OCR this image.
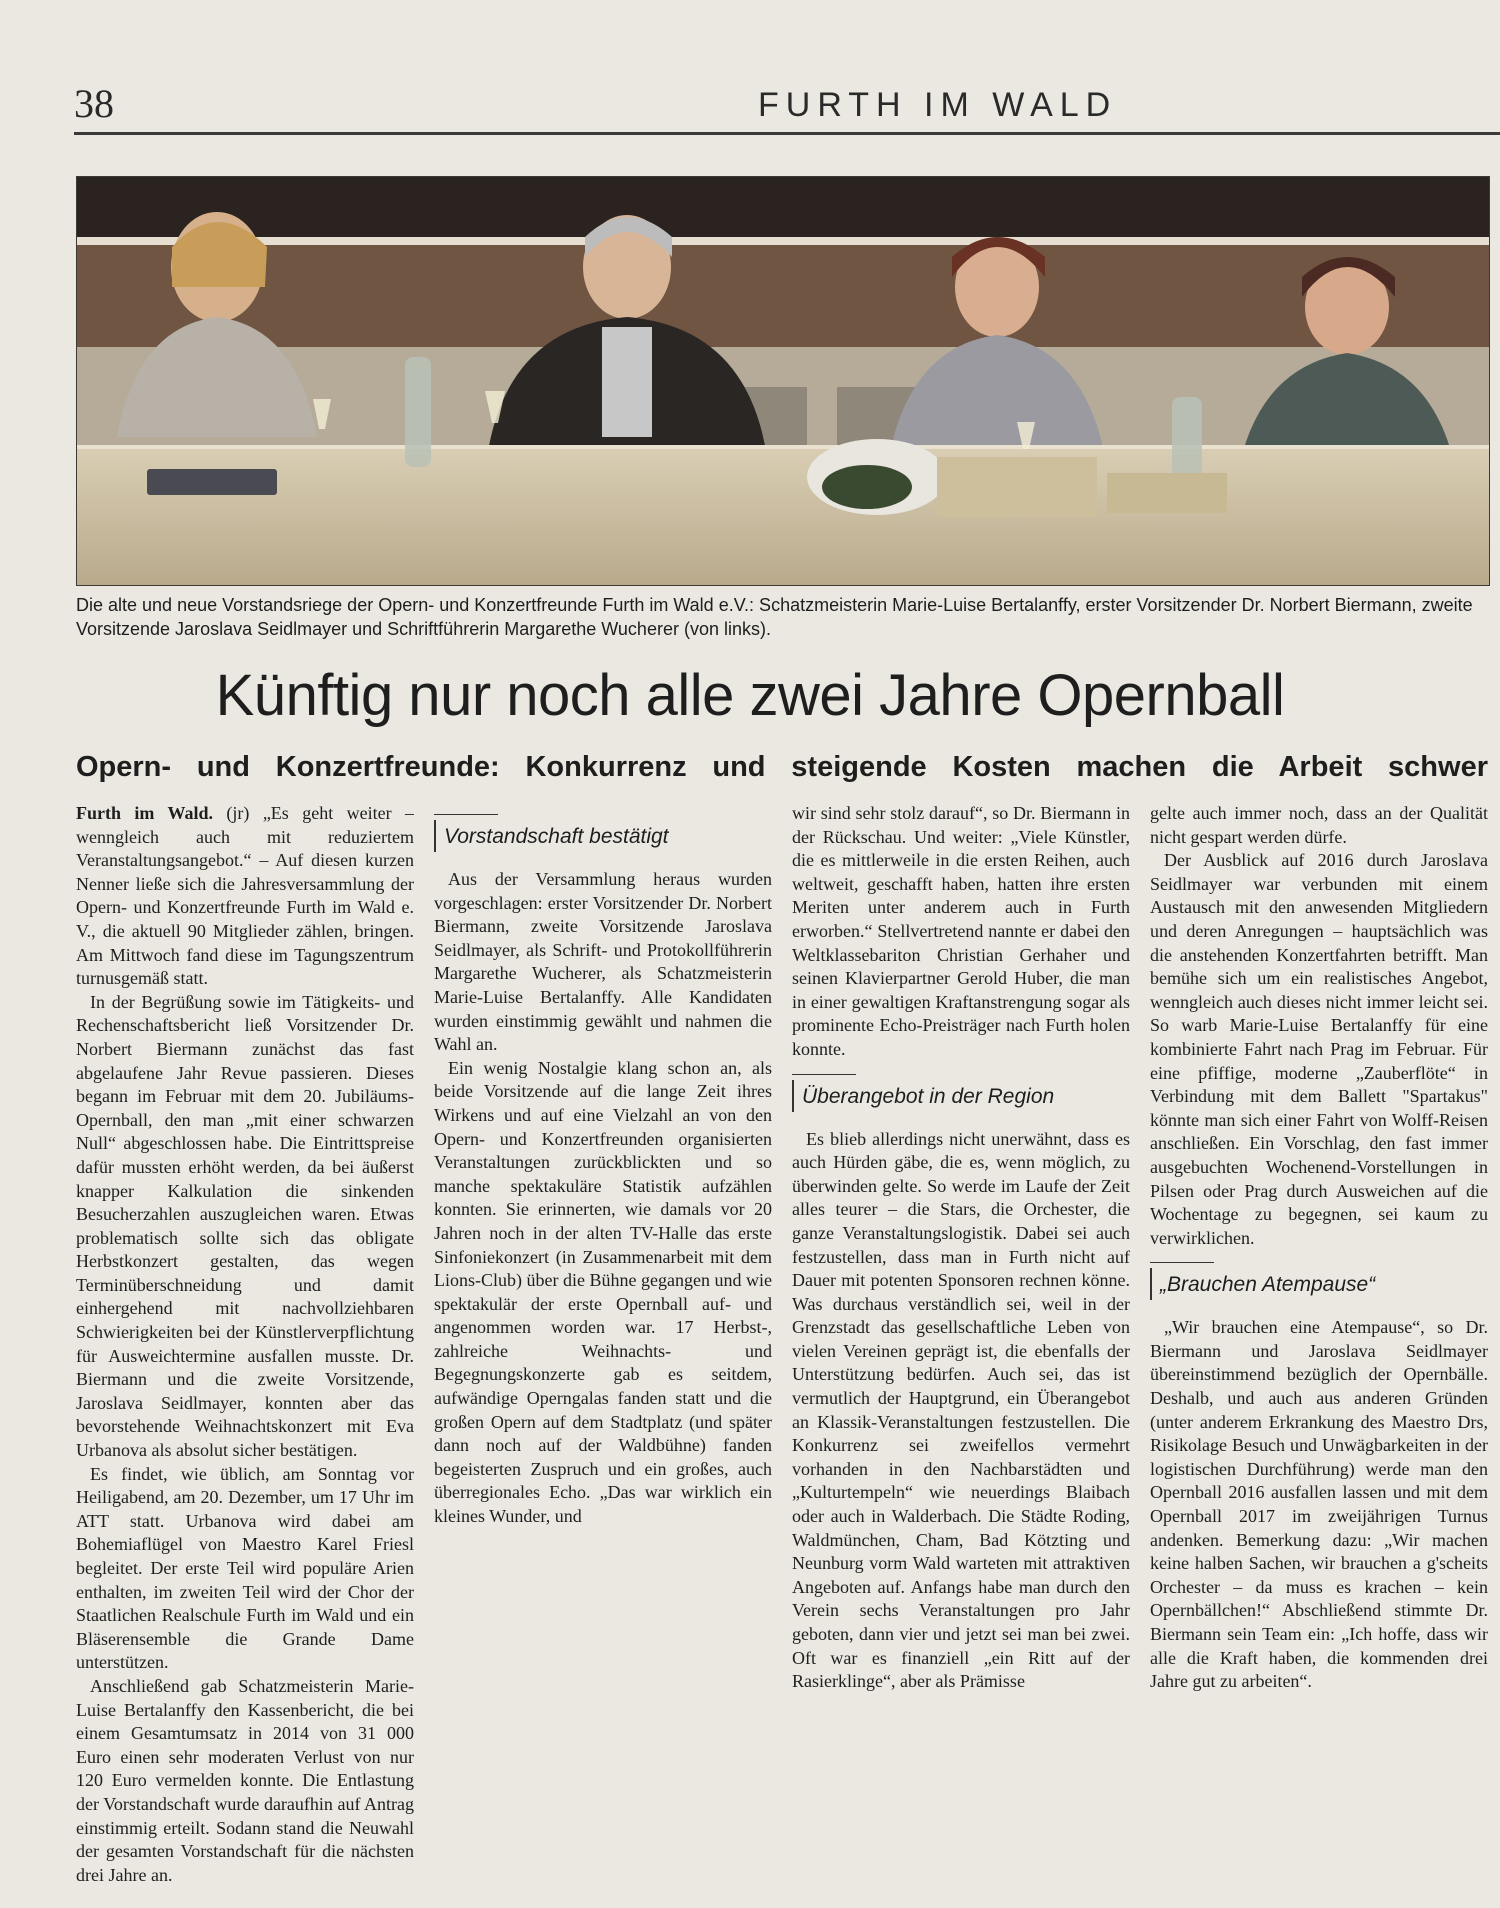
38	FURTH IM WALD

Die alte und neue Vorstandsriege der Opern- und Konzertfreunde Furth im Wald e.V.: Schatzmeisterin Marie-Luise Bertalanffy, erster Vorsitzender Dr. Norbert Biermann, zweite Vorsitzende Jaroslava Seidlmayer und Schriftführerin Margarethe Wucherer (von links).

Künftig nur noch alle zwei Jahre Opernball
Opern- und Konzertfreunde: Konkurrenz und steigende Kosten machen die Arbeit schwer

Furth im Wald. (jr) „Es geht weiter – wenngleich auch mit reduziertem Veranstaltungsangebot.“ – Auf diesen kurzen Nenner ließe sich die Jahresversammlung der Opern- und Konzertfreunde Furth im Wald e. V., die aktuell 90 Mitglieder zählen, bringen. Am Mittwoch fand diese im Tagungszentrum turnusgemäß statt.

In der Begrüßung sowie im Tätigkeits- und Rechenschaftsbericht ließ Vorsitzender Dr. Norbert Biermann zunächst das fast abgelaufene Jahr Revue passieren. Dieses begann im Februar mit dem 20. Jubiläums-Opernball, den man „mit einer schwarzen Null“ abgeschlossen habe. Die Eintrittspreise dafür mussten erhöht werden, da bei äußerst knapper Kalkulation die sinkenden Besucherzahlen auszugleichen waren. Etwas problematisch sollte sich das obligate Herbstkonzert gestalten, das wegen Terminüberschneidung und damit einhergehend mit nachvollziehbaren Schwierigkeiten bei der Künstlerverpflichtung für Ausweichtermine ausfallen musste. Dr. Biermann und die zweite Vorsitzende, Jaroslava Seidlmayer, konnten aber das bevorstehende Weihnachtskonzert mit Eva Urbanova als absolut sicher bestätigen.

Es findet, wie üblich, am Sonntag vor Heiligabend, am 20. Dezember, um 17 Uhr im ATT statt. Urbanova wird dabei am Bohemiaflügel von Maestro Karel Friesl begleitet. Der erste Teil wird populäre Arien enthalten, im zweiten Teil wird der Chor der Staatlichen Realschule Furth im Wald und ein Bläserensemble die Grande Dame unterstützen.

Anschließend gab Schatzmeisterin Marie-Luise Bertalanffy den Kassenbericht, die bei einem Gesamtumsatz in 2014 von 31 000 Euro einen sehr moderaten Verlust von nur 120 Euro vermelden konnte. Die Entlastung der Vorstandschaft wurde daraufhin auf Antrag einstimmig erteilt. Sodann stand die Neuwahl der gesamten Vorstandschaft für die nächsten drei Jahre an.

Vorstandschaft bestätigt

Aus der Versammlung heraus wurden vorgeschlagen: erster Vorsitzender Dr. Norbert Biermann, zweite Vorsitzende Jaroslava Seidlmayer, als Schrift- und Protokollführerin Margarethe Wucherer, als Schatzmeisterin Marie-Luise Bertalanffy. Alle Kandidaten wurden einstimmig gewählt und nahmen die Wahl an.

Ein wenig Nostalgie klang schon an, als beide Vorsitzende auf die lange Zeit ihres Wirkens und auf eine Vielzahl an von den Opern- und Konzertfreunden organisierten Veranstaltungen zurückblickten und so manche spektakuläre Statistik aufzählen konnten. Sie erinnerten, wie damals vor 20 Jahren noch in der alten TV-Halle das erste Sinfoniekonzert (in Zusammenarbeit mit dem Lions-Club) über die Bühne gegangen und wie spektakulär der erste Opernball auf- und angenommen worden war. 17 Herbst-, zahlreiche Weihnachts- und Begegnungskonzerte gab es seitdem, aufwändige Operngalas fanden statt und die großen Opern auf dem Stadtplatz (und später dann noch auf der Waldbühne) fanden begeisterten Zuspruch und ein großes, auch überregionales Echo. „Das war wirklich ein kleines Wunder, und

wir sind sehr stolz darauf“, so Dr. Biermann in der Rückschau. Und weiter: „Viele Künstler, die es mittlerweile in die ersten Reihen, auch weltweit, geschafft haben, hatten ihre ersten Meriten unter anderem auch in Furth erworben.“ Stellvertretend nannte er dabei den Weltklassebariton Christian Gerhaher und seinen Klavierpartner Gerold Huber, die man in einer gewaltigen Kraftanstrengung sogar als prominente Echo-Preisträger nach Furth holen konnte.

Überangebot in der Region

Es blieb allerdings nicht unerwähnt, dass es auch Hürden gäbe, die es, wenn möglich, zu überwinden gelte. So werde im Laufe der Zeit alles teurer – die Stars, die Orchester, die ganze Veranstaltungslogistik. Dabei sei auch festzustellen, dass man in Furth nicht auf Dauer mit potenten Sponsoren rechnen könne. Was durchaus verständlich sei, weil in der Grenzstadt das gesellschaftliche Leben von vielen Vereinen geprägt ist, die ebenfalls der Unterstützung bedürfen. Auch sei, das ist vermutlich der Hauptgrund, ein Überangebot an Klassik-Veranstaltungen festzustellen. Die Konkurrenz sei zweifellos vermehrt vorhanden in den Nachbarstädten und „Kulturtempeln“ wie neuerdings Blaibach oder auch in Walderbach. Die Städte Roding, Waldmünchen, Cham, Bad Kötzting und Neunburg vorm Wald warteten mit attraktiven Angeboten auf. Anfangs habe man durch den Verein sechs Veranstaltungen pro Jahr geboten, dann vier und jetzt sei man bei zwei. Oft war es finanziell „ein Ritt auf der Rasierklinge“, aber als Prämisse

gelte auch immer noch, dass an der Qualität nicht gespart werden dürfe.

Der Ausblick auf 2016 durch Jaroslava Seidlmayer war verbunden mit einem Austausch mit den anwesenden Mitgliedern und deren Anregungen – hauptsächlich was die anstehenden Konzertfahrten betrifft. Man bemühe sich um ein realistisches Angebot, wenngleich auch dieses nicht immer leicht sei. So warb Marie-Luise Bertalanffy für eine kombinierte Fahrt nach Prag im Februar. Für eine pfiffige, moderne „Zauberflöte“ in Verbindung mit dem Ballett "Spartakus" könnte man sich einer Fahrt von Wolff-Reisen anschließen. Ein Vorschlag, den fast immer ausgebuchten Wochenend-Vorstellungen in Pilsen oder Prag durch Ausweichen auf die Wochentage zu begegnen, sei kaum zu verwirklichen.

„Brauchen Atempause“

„Wir brauchen eine Atempause“, so Dr. Biermann und Jaroslava Seidlmayer übereinstimmend bezüglich der Opernbälle. Deshalb, und auch aus anderen Gründen (unter anderem Erkrankung des Maestro Drs, Risikolage Besuch und Unwägbarkeiten in der logistischen Durchführung) werde man den Opernball 2016 ausfallen lassen und mit dem Opernball 2017 im zweijährigen Turnus andenken. Bemerkung dazu: „Wir machen keine halben Sachen, wir brauchen a g'scheits Orchester – da muss es krachen – kein Opernbällchen!“ Abschließend stimmte Dr. Biermann sein Team ein: „Ich hoffe, dass wir alle die Kraft haben, die kommenden drei Jahre gut zu arbeiten“.
